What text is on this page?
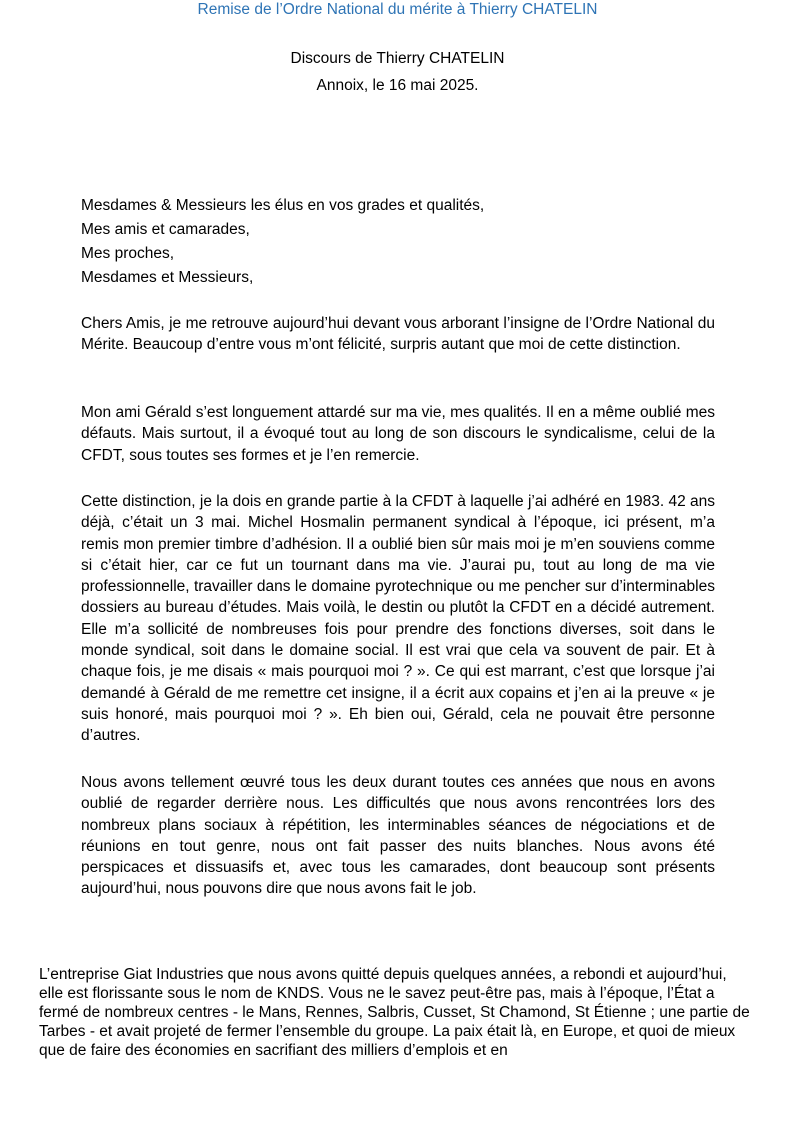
Remise de l’Ordre National du mérite à Thierry CHATELIN
Discours de Thierry CHATELIN
Annoix, le 16 mai 2025.
Mesdames & Messieurs les élus en vos grades et qualités,
Mes amis et camarades,
Mes proches,
Mesdames et Messieurs,
Chers Amis, je me retrouve aujourd’hui devant vous arborant l’insigne de l’Ordre National du Mérite. Beaucoup d’entre vous m’ont félicité, surpris autant que moi de cette distinction.
Mon ami Gérald s’est longuement attardé sur ma vie, mes qualités. Il en a même oublié mes défauts. Mais surtout, il a évoqué tout au long de son discours le syndicalisme, celui de la CFDT, sous toutes ses formes et je l’en remercie.
Cette distinction, je la dois en grande partie à la CFDT à laquelle j’ai adhéré en 1983. 42 ans déjà, c’était un 3 mai. Michel Hosmalin permanent syndical à l’époque, ici présent, m’a remis mon premier timbre d’adhésion. Il a oublié bien sûr mais moi je m’en souviens comme si c’était hier, car ce fut un tournant dans ma vie. J’aurai pu, tout au long de ma vie professionnelle, travailler dans le domaine pyrotechnique ou me pencher sur d’interminables dossiers au bureau d’études. Mais voilà, le destin ou plutôt la CFDT en a décidé autrement. Elle m’a sollicité de nombreuses fois pour prendre des fonctions diverses, soit dans le monde syndical, soit dans le domaine social. Il est vrai que cela va souvent de pair. Et à chaque fois, je me disais « mais pourquoi moi ? ». Ce qui est marrant, c’est que lorsque j’ai demandé à Gérald de me remettre cet insigne, il a écrit aux copains et j’en ai la preuve « je suis honoré, mais pourquoi moi ? ». Eh bien oui, Gérald, cela ne pouvait être personne d’autres.
Nous avons tellement œuvré tous les deux durant toutes ces années que nous en avons oublié de regarder derrière nous. Les difficultés que nous avons rencontrées lors des nombreux plans sociaux à répétition, les interminables séances de négociations et de réunions en tout genre, nous ont fait passer des nuits blanches. Nous avons été perspicaces et dissuasifs et, avec tous les camarades, dont beaucoup sont présents aujourd’hui, nous pouvons dire que nous avons fait le job.
L’entreprise Giat Industries que nous avons quitté depuis quelques années, a rebondi et aujourd’hui, elle est florissante sous le nom de KNDS. Vous ne le savez peut-être pas, mais à l’époque, l’État a fermé de nombreux centres - le Mans, Rennes, Salbris, Cusset, St Chamond, St Étienne ; une partie de Tarbes - et avait projeté de fermer l’ensemble du groupe. La paix était là, en Europe, et quoi de mieux que de faire des économies en sacrifiant des milliers d’emplois et en
